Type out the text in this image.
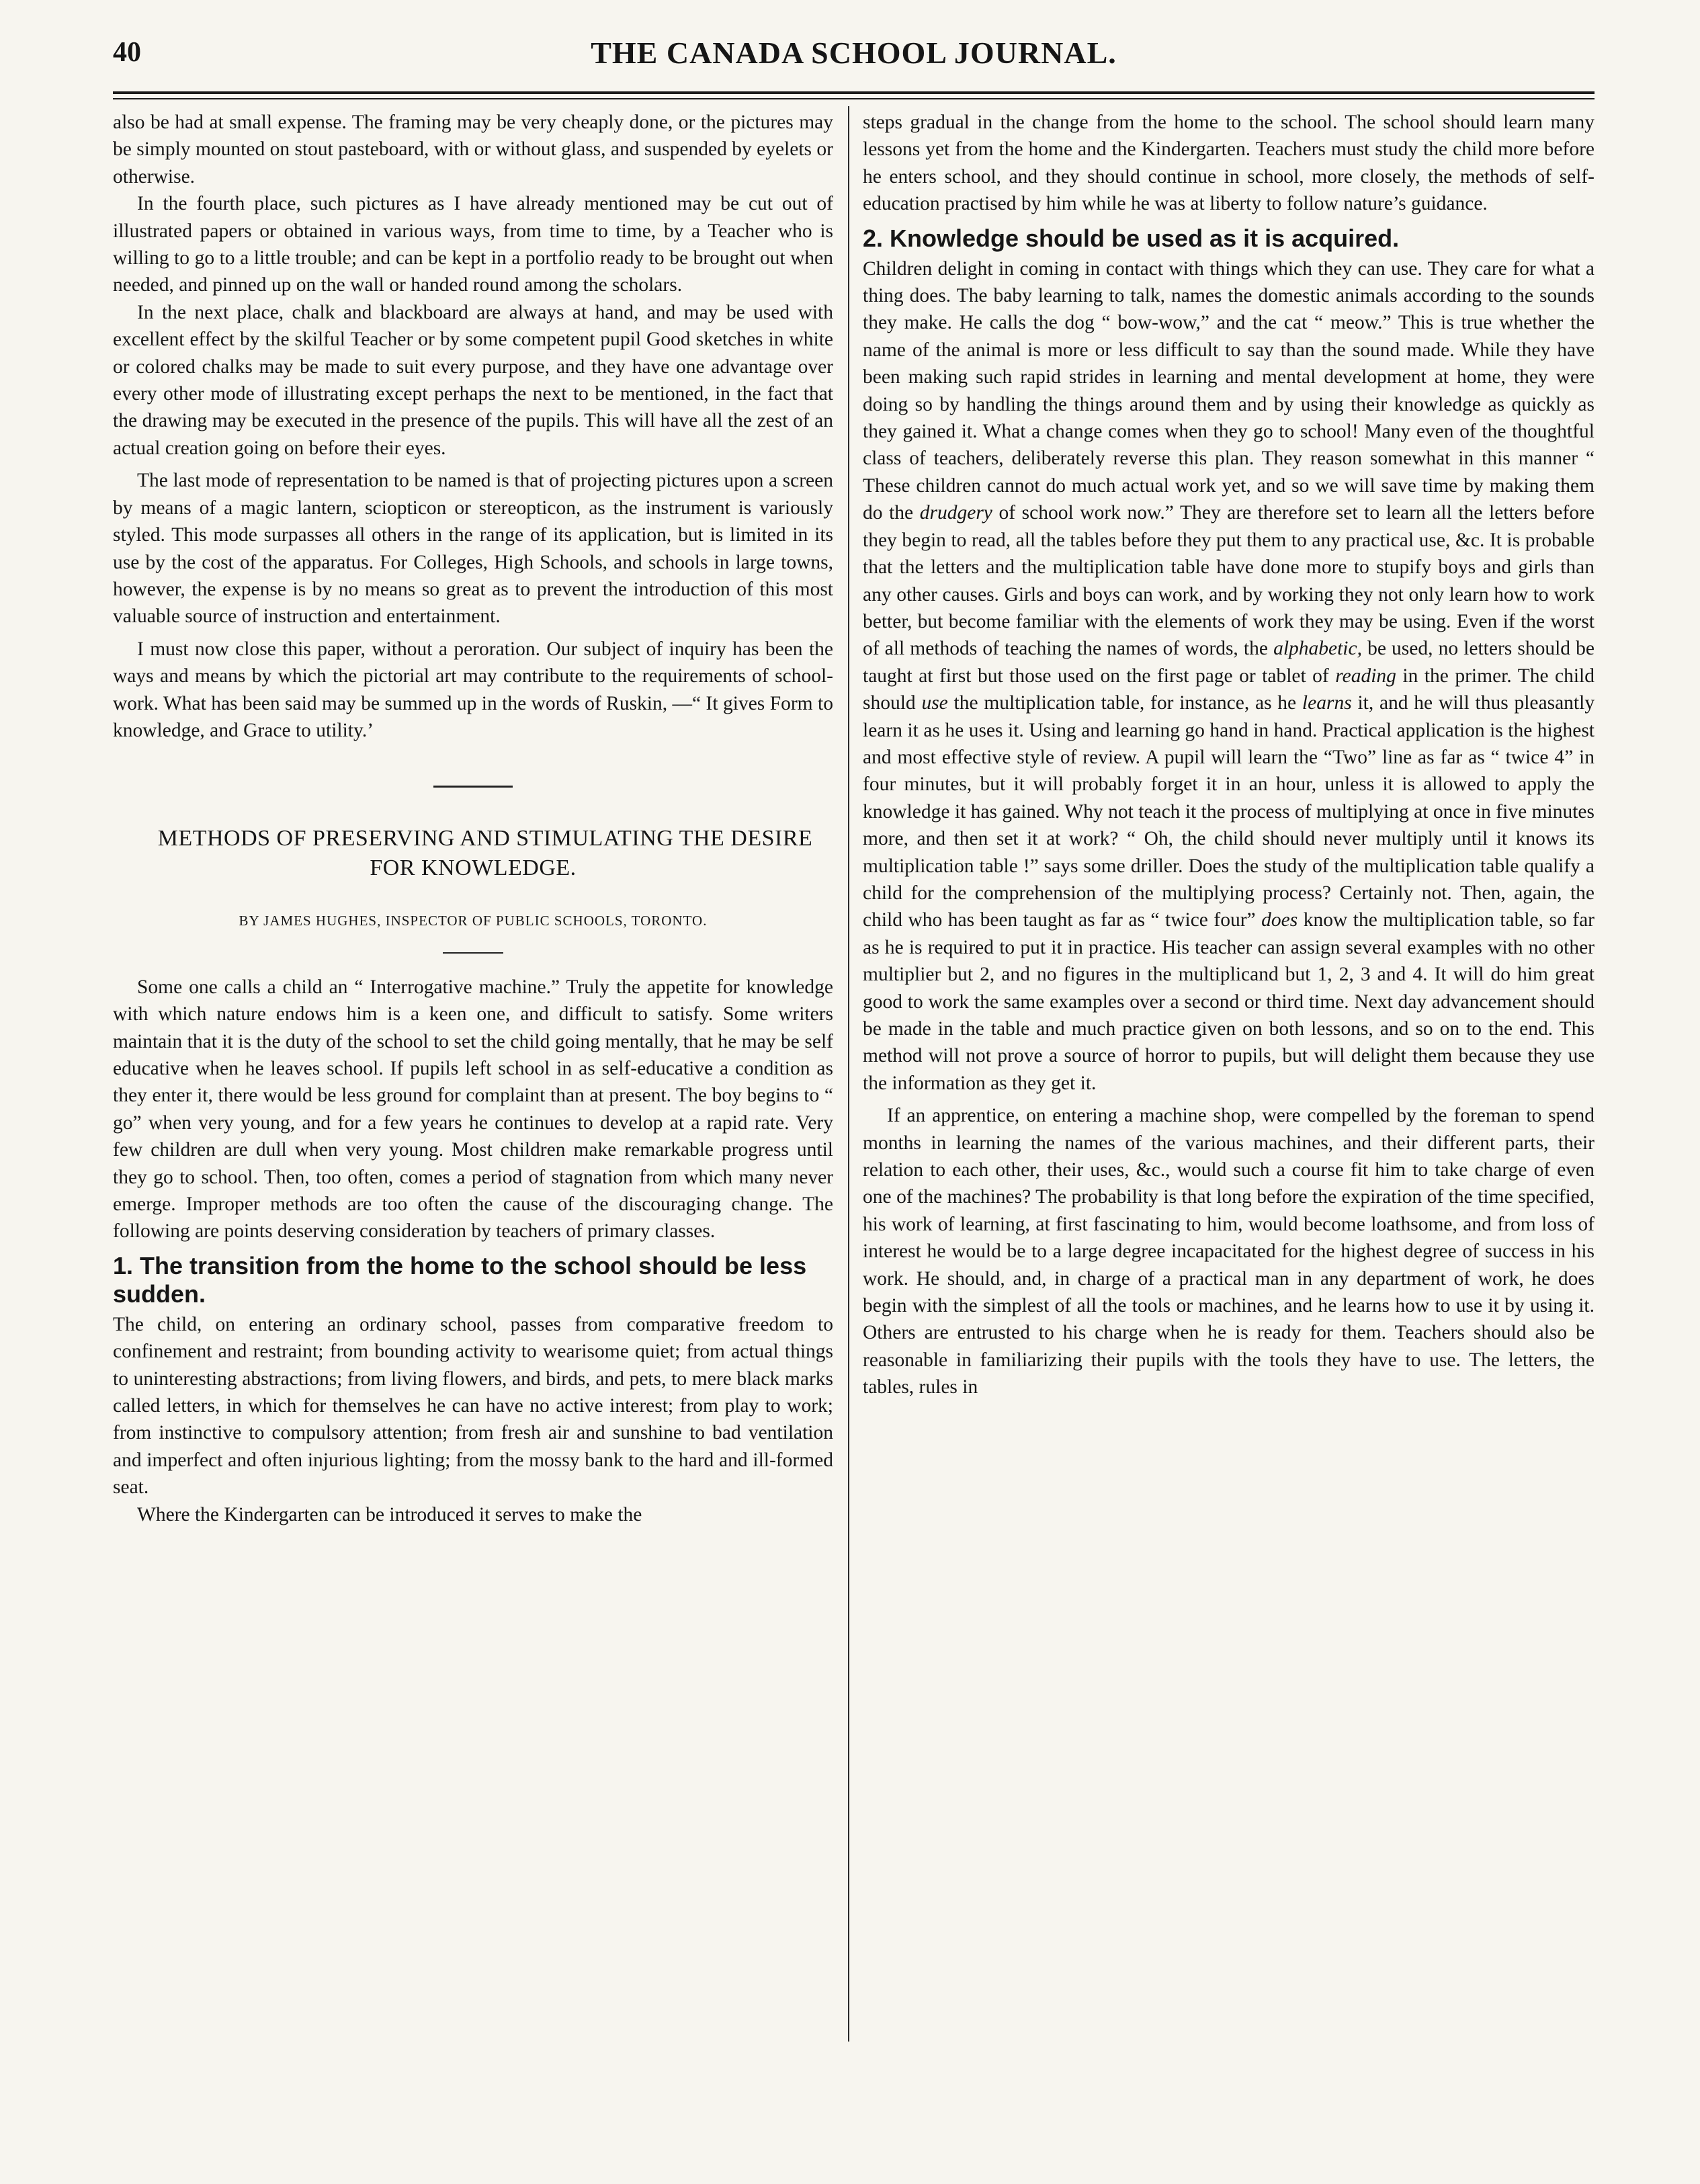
40	THE CANADA SCHOOL JOURNAL.

also be had at small expense. The framing may be very cheaply done, or the pictures may be simply mounted on stout pasteboard, with or without glass, and suspended by eyelets or otherwise.

In the fourth place, such pictures as I have already mentioned may be cut out of illustrated papers or obtained in various ways, from time to time, by a Teacher who is willing to go to a little trouble; and can be kept in a portfolio ready to be brought out when needed, and pinned up on the wall or handed round among the scholars.

In the next place, chalk and blackboard are always at hand, and may be used with excellent effect by the skilful Teacher or by some competent pupil Good sketches in white or colored chalks may be made to suit every purpose, and they have one advantage over every other mode of illustrating except perhaps the next to be mentioned, in the fact that the drawing may be executed in the presence of the pupils. This will have all the zest of an actual creation going on before their eyes.

The last mode of representation to be named is that of projecting pictures upon a screen by means of a magic lantern, sciopticon or stereopticon, as the instrument is variously styled. This mode surpasses all others in the range of its application, but is limited in its use by the cost of the apparatus. For Colleges, High Schools, and schools in large towns, however, the expense is by no means so great as to prevent the introduction of this most valuable source of instruction and entertainment.

I must now close this paper, without a peroration. Our subject of inquiry has been the ways and means by which the pictorial art may contribute to the requirements of school-work. What has been said may be summed up in the words of Ruskin, —“ It gives Form to knowledge, and Grace to utility.’

METHODS OF PRESERVING AND STIMULATING THE DESIRE FOR KNOWLEDGE.

BY JAMES HUGHES, INSPECTOR OF PUBLIC SCHOOLS, TORONTO.

Some one calls a child an “ Interrogative machine.” Truly the appetite for knowledge with which nature endows him is a keen one, and difficult to satisfy. Some writers maintain that it is the duty of the school to set the child going mentally, that he may be self educative when he leaves school. If pupils left school in as self-educative a condition as they enter it, there would be less ground for complaint than at present. The boy begins to “ go” when very young, and for a few years he continues to develop at a rapid rate. Very few children are dull when very young. Most children make remarkable progress until they go to school. Then, too often, comes a period of stagnation from which many never emerge. Improper methods are too often the cause of the discouraging change. The following are points deserving consideration by teachers of primary classes.

1. The transition from the home to the school should be less sudden.

The child, on entering an ordinary school, passes from comparative freedom to confinement and restraint; from bounding activity to wearisome quiet; from actual things to uninteresting abstractions; from living flowers, and birds, and pets, to mere black marks called letters, in which for themselves he can have no active interest; from play to work; from instinctive to compulsory attention; from fresh air and sunshine to bad ventilation and imperfect and often injurious lighting; from the mossy bank to the hard and ill-formed seat.

Where the Kindergarten can be introduced it serves to make the

steps gradual in the change from the home to the school. The school should learn many lessons yet from the home and the Kindergarten. Teachers must study the child more before he enters school, and they should continue in school, more closely, the methods of self-education practised by him while he was at liberty to follow nature’s guidance.

2. Knowledge should be used as it is acquired.

Children delight in coming in contact with things which they can use. They care for what a thing does. The baby learning to talk, names the domestic animals according to the sounds they make. He calls the dog “ bow-wow,” and the cat “ meow.” This is true whether the name of the animal is more or less difficult to say than the sound made. While they have been making such rapid strides in learning and mental development at home, they were doing so by handling the things around them and by using their knowledge as quickly as they gained it. What a change comes when they go to school! Many even of the thoughtful class of teachers, deliberately reverse this plan. They reason somewhat in this manner “ These children cannot do much actual work yet, and so we will save time by making them do the drudgery of school work now.” They are therefore set to learn all the letters before they begin to read, all the tables before they put them to any practical use, &c. It is probable that the letters and the multiplication table have done more to stupify boys and girls than any other causes. Girls and boys can work, and by working they not only learn how to work better, but become familiar with the elements of work they may be using. Even if the worst of all methods of teaching the names of words, the alphabetic, be used, no letters should be taught at first but those used on the first page or tablet of reading in the primer. The child should use the multiplication table, for instance, as he learns it, and he will thus pleasantly learn it as he uses it. Using and learning go hand in hand. Practical application is the highest and most effective style of review. A pupil will learn the “Two” line as far as “ twice 4” in four minutes, but it will probably forget it in an hour, unless it is allowed to apply the knowledge it has gained. Why not teach it the process of multiplying at once in five minutes more, and then set it at work? “ Oh, the child should never multiply until it knows its multiplication table !” says some driller. Does the study of the multiplication table qualify a child for the comprehension of the multiplying process? Certainly not. Then, again, the child who has been taught as far as “ twice four” does know the multiplication table, so far as he is required to put it in practice. His teacher can assign several examples with no other multiplier but 2, and no figures in the multiplicand but 1, 2, 3 and 4. It will do him great good to work the same examples over a second or third time. Next day advancement should be made in the table and much practice given on both lessons, and so on to the end. This method will not prove a source of horror to pupils, but will delight them because they use the information as they get it.

If an apprentice, on entering a machine shop, were compelled by the foreman to spend months in learning the names of the various machines, and their different parts, their relation to each other, their uses, &c., would such a course fit him to take charge of even one of the machines? The probability is that long before the expiration of the time specified, his work of learning, at first fascinating to him, would become loathsome, and from loss of interest he would be to a large degree incapacitated for the highest degree of success in his work. He should, and, in charge of a practical man in any department of work, he does begin with the simplest of all the tools or machines, and he learns how to use it by using it. Others are entrusted to his charge when he is ready for them. Teachers should also be reasonable in familiarizing their pupils with the tools they have to use. The letters, the tables, rules in
